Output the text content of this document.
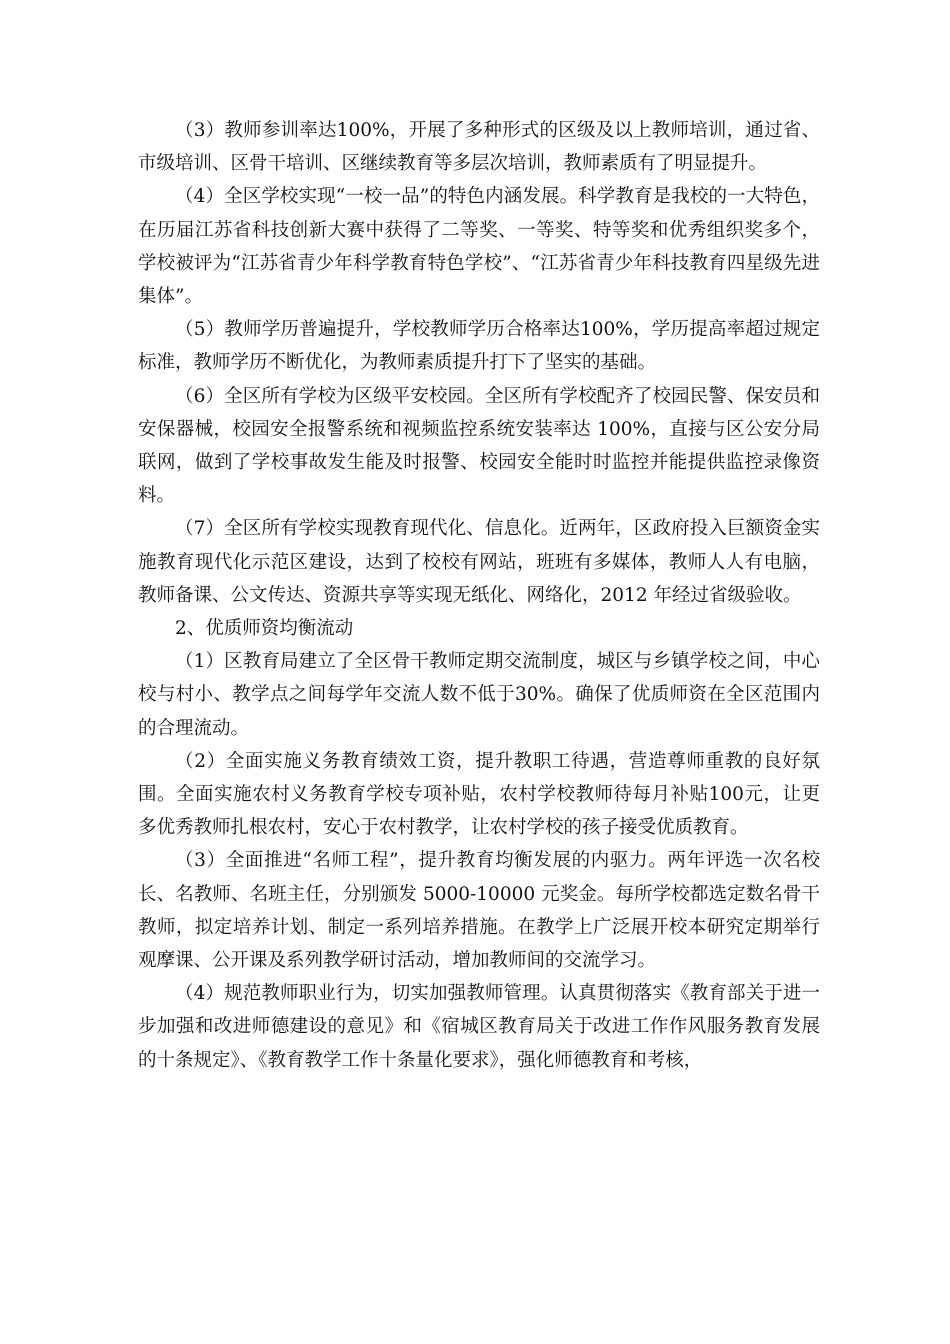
（3）教师参训率达100%，开展了多种形式的区级及以上教师培训，通过省、市级培训、区骨干培训、区继续教育等多层次培训，教师素质有了明显提升。

（4）全区学校实现“一校一品”的特色内涵发展。科学教育是我校的一大特色，在历届江苏省科技创新大赛中获得了二等奖、一等奖、特等奖和优秀组织奖多个，学校被评为“江苏省青少年科学教育特色学校”、“江苏省青少年科技教育四星级先进集体”。

（5）教师学历普遍提升，学校教师学历合格率达100%，学历提高率超过规定标准，教师学历不断优化，为教师素质提升打下了坚实的基础。

（6）全区所有学校为区级平安校园。全区所有学校配齐了校园民警、保安员和安保器械，校园安全报警系统和视频监控系统安装率达 100%，直接与区公安分局联网，做到了学校事故发生能及时报警、校园安全能时时监控并能提供监控录像资料。

（7）全区所有学校实现教育现代化、信息化。近两年，区政府投入巨额资金实施教育现代化示范区建设，达到了校校有网站，班班有多媒体，教师人人有电脑，教师备课、公文传达、资源共享等实现无纸化、网络化，2012 年经过省级验收。

2、优质师资均衡流动

（1）区教育局建立了全区骨干教师定期交流制度，城区与乡镇学校之间，中心校与村小、教学点之间每学年交流人数不低于30%。确保了优质师资在全区范围内的合理流动。

（2）全面实施义务教育绩效工资，提升教职工待遇，营造尊师重教的良好氛围。全面实施农村义务教育学校专项补贴，农村学校教师待每月补贴100元，让更多优秀教师扎根农村，安心于农村教学，让农村学校的孩子接受优质教育。

（3）全面推进“名师工程”，提升教育均衡发展的内驱力。两年评选一次名校长、名教师、名班主任，分别颁发 5000-10000 元奖金。每所学校都选定数名骨干教师，拟定培养计划、制定一系列培养措施。在教学上广泛展开校本研究定期举行观摩课、公开课及系列教学研讨活动，增加教师间的交流学习。

（4）规范教师职业行为，切实加强教师管理。认真贯彻落实《教育部关于进一步加强和改进师德建设的意见》和《宿城区教育局关于改进工作作风服务教育发展的十条规定》、《教育教学工作十条量化要求》，强化师德教育和考核，
